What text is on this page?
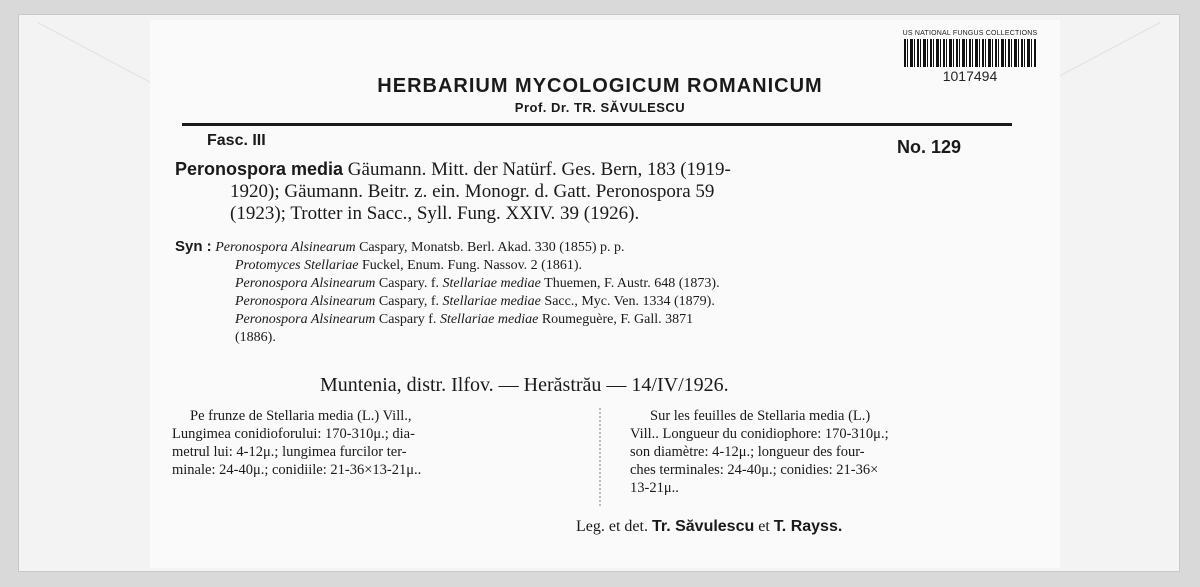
US NATIONAL FUNGUS COLLECTIONS
1017494
HERBARIUM MYCOLOGICUM ROMANICUM
Prof. Dr. TR. SĂVULESCU
Fasc. III	No. 129
Peronospora media Gäumann. Mitt. der Natürf. Ges. Bern, 183 (1919-
1920); Gäumann. Beitr. z. ein. Monogr. d. Gatt. Peronospora 59
(1923); Trotter in Sacc., Syll. Fung. XXIV. 39 (1926).
Syn : Peronospora Alsinearum Caspary, Monatsb. Berl. Akad. 330 (1855) p. p.
Protomyces Stellariae Fuckel, Enum. Fung. Nassov. 2 (1861).
Peronospora Alsinearum Caspary. f. Stellariae mediae Thuemen, F. Austr. 648 (1873).
Peronospora Alsinearum Caspary, f. Stellariae mediae Sacc., Myc. Ven. 1334 (1879).
Peronospora Alsinearum Caspary f. Stellariae mediae Roumeguère, F. Gall. 3871
(1886).
Muntenia, distr. Ilfov. — Herăstrău — 14/IV/1926.
Pe frunze de Stellaria media (L.) Vill.,
Lungimea conidioforului: 170-310μ.; dia-
metrul lui: 4-12μ.; lungimea furcilor ter-
minale: 24-40μ.; conidiile: 21-36×13-21μ..
Sur les feuilles de Stellaria media (L.)
Vill.. Longueur du conidiophore: 170-310μ.;
son diamètre: 4-12μ.; longueur des four-
ches terminales: 24-40μ.; conidies: 21-36×
13-21μ..
Leg. et det. Tr. Săvulescu et T. Rayss.
